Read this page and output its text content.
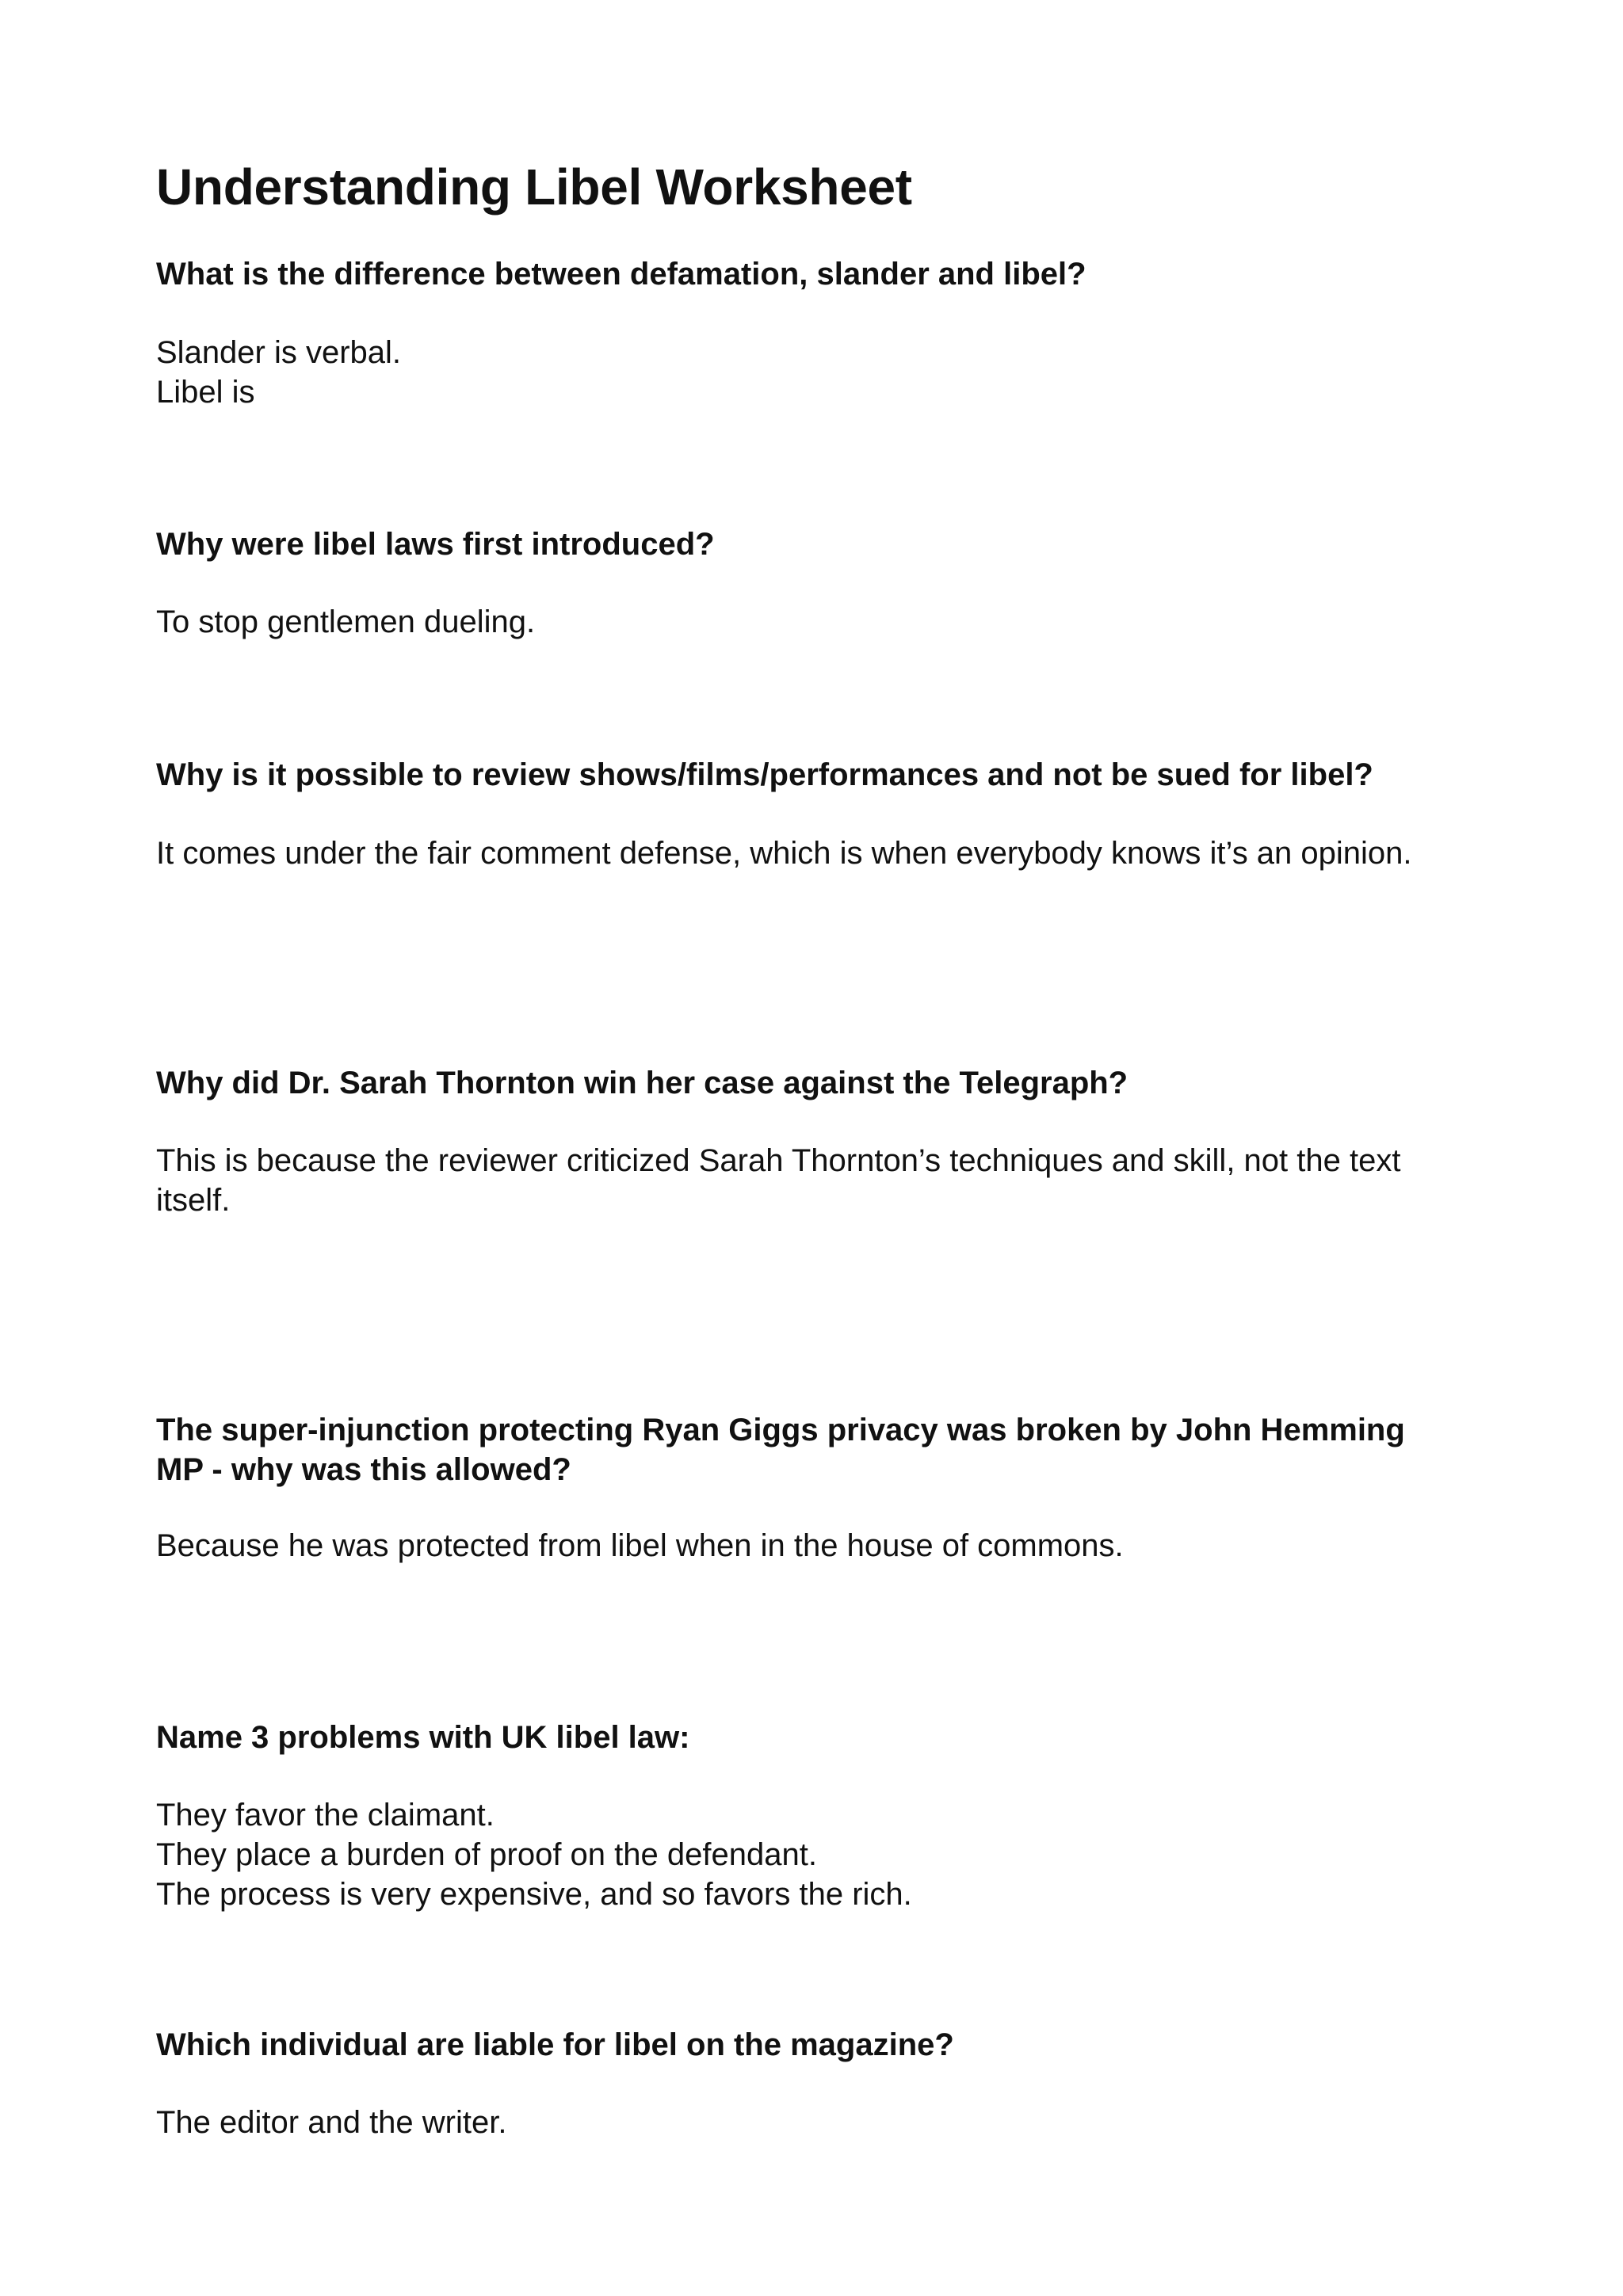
Understanding Libel Worksheet

What is the difference between defamation, slander and libel?

Slander is verbal.
Libel is

Why were libel laws first introduced?

To stop gentlemen dueling.

Why is it possible to review shows/films/performances and not be sued for libel?

It comes under the fair comment defense, which is when everybody knows it’s an opinion.

Why did Dr. Sarah Thornton win her case against the Telegraph?

This is because the reviewer criticized Sarah Thornton’s techniques and skill, not the text
itself.
The super-injunction protecting Ryan Giggs privacy was broken by John Hemming
MP - why was this allowed?
Because he was protected from libel when in the house of commons.

Name 3 problems with UK libel law:

They favor the claimant.
They place a burden of proof on the defendant.
The process is very expensive, and so favors the rich.

Which individual are liable for libel on the magazine?

The editor and the writer.
